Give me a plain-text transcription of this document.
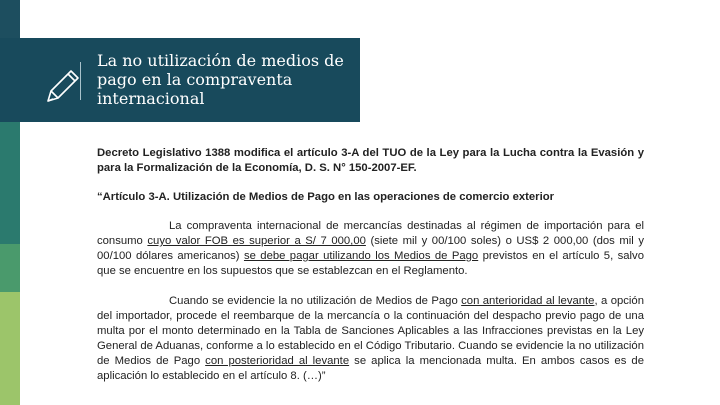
La no utilización de medios de pago en la compraventa internacional

Decreto Legislativo 1388 modifica el artículo 3-A del TUO de la Ley para la Lucha contra la Evasión y para la Formalización de la Economía, D. S. N° 150-2007-EF.

“Artículo 3-A. Utilización de Medios de Pago en las operaciones de comercio exterior

La compraventa internacional de mercancías destinadas al régimen de importación para el consumo cuyo valor FOB es superior a S/ 7 000,00 (siete mil y 00/100 soles) o US$ 2 000,00 (dos mil y 00/100 dólares americanos) se debe pagar utilizando los Medios de Pago previstos en el artículo 5, salvo que se encuentre en los supuestos que se establezcan en el Reglamento.

Cuando se evidencie la no utilización de Medios de Pago con anterioridad al levante, a opción del importador, procede el reembarque de la mercancía o la continuación del despacho previo pago de una multa por el monto determinado en la Tabla de Sanciones Aplicables a las Infracciones previstas en la Ley General de Aduanas, conforme a lo establecido en el Código Tributario. Cuando se evidencie la no utilización de Medios de Pago con posterioridad al levante se aplica la mencionada multa. En ambos casos es de aplicación lo establecido en el artículo 8. (…)”
